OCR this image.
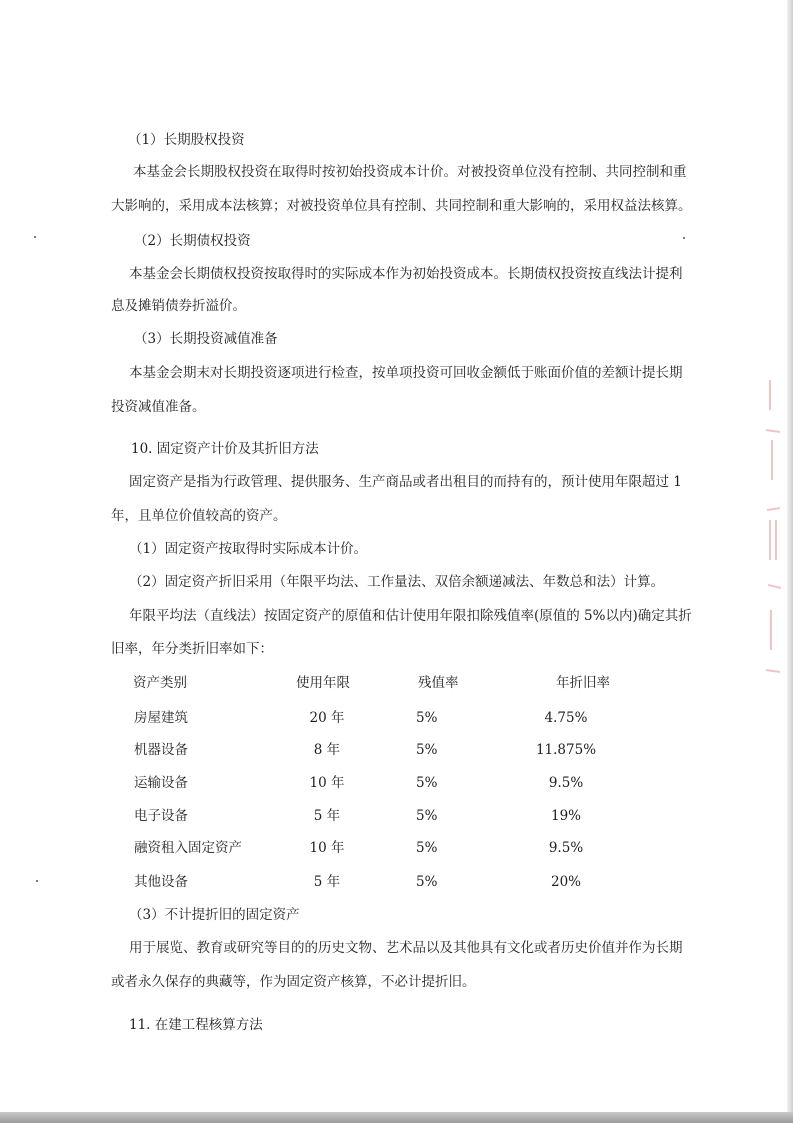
（1）长期股权投资
本基金会长期股权投资在取得时按初始投资成本计价。对被投资单位没有控制、共同控制和重
大影响的，采用成本法核算；对被投资单位具有控制、共同控制和重大影响的，采用权益法核算。
（2）长期债权投资
本基金会长期债权投资按取得时的实际成本作为初始投资成本。长期债权投资按直线法计提利
息及摊销债券折溢价。
（3）长期投资减值准备
本基金会期末对长期投资逐项进行检查，按单项投资可回收金额低于账面价值的差额计提长期
投资减值准备。
10. 固定资产计价及其折旧方法
固定资产是指为行政管理、提供服务、生产商品或者出租目的而持有的，预计使用年限超过 1
年，且单位价值较高的资产。
（1）固定资产按取得时实际成本计价。
（2）固定资产折旧采用（年限平均法、工作量法、双倍余额递减法、年数总和法）计算。
年限平均法（直线法）按固定资产的原值和估计使用年限扣除残值率(原值的 5%以内)确定其折
旧率，年分类折旧率如下：
资产类别	使用年限	残值率	年折旧率
房屋建筑	20 年	5%	4.75%
机器设备	8 年	5%	11.875%
运输设备	10 年	5%	9.5%
电子设备	5 年	5%	19%
融资租入固定资产	10 年	5%	9.5%
其他设备	5 年	5%	20%
（3）不计提折旧的固定资产
用于展览、教育或研究等目的的历史文物、艺术品以及其他具有文化或者历史价值并作为长期
或者永久保存的典藏等，作为固定资产核算，不必计提折旧。
11. 在建工程核算方法
